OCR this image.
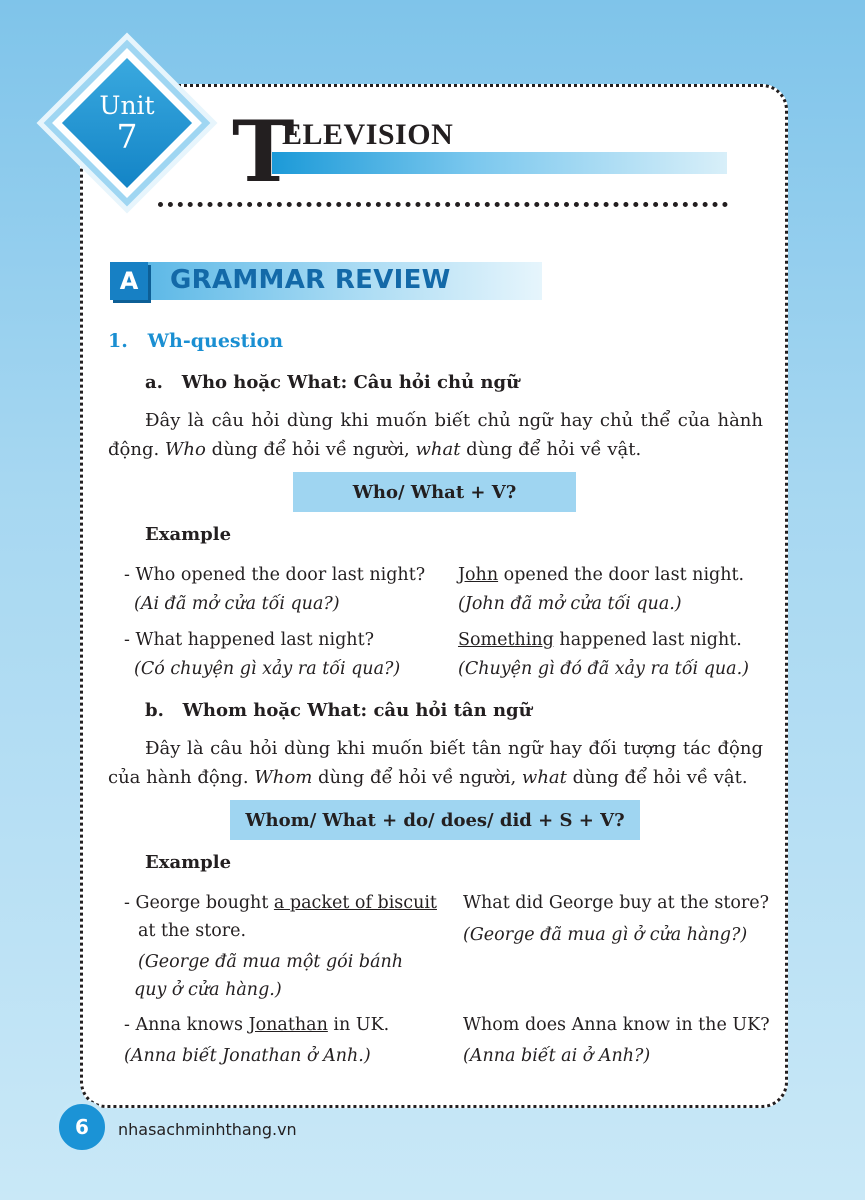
Unit
7 T
ELEVISION
A	GRAMMAR REVIEW
1.   Wh-question
a.   Who hoặc What: Câu hỏi chủ ngữ
Đây là câu hỏi dùng khi muốn biết chủ ngữ hay chủ thể của hành động. Who dùng để hỏi về người, what dùng để hỏi về vật.
Who/ What + V?
Example
- Who opened the door last night?
(Ai đã mở cửa tối qua?)
John opened the door last night.
(John đã mở cửa tối qua.)
- What happened last night?
(Có chuyện gì xảy ra tối qua?)
Something happened last night.
(Chuyện gì đó đã xảy ra tối qua.)
b.   Whom hoặc What: câu hỏi tân ngữ
Đây là câu hỏi dùng khi muốn biết tân ngữ hay đối tượng tác động của hành động. Whom dùng để hỏi về người, what dùng để hỏi về vật.
Whom/ What + do/ does/ did + S + V?
Example
- George bought a packet of biscuit
at the store.
(George đã mua một gói bánh
quy ở cửa hàng.)
What did George buy at the store?
(George đã mua gì ở cửa hàng?)
- Anna knows Jonathan in UK.
(Anna biết Jonathan ở Anh.)
Whom does Anna know in the UK?
(Anna biết ai ở Anh?)
6	nhasachminhthang.vn
